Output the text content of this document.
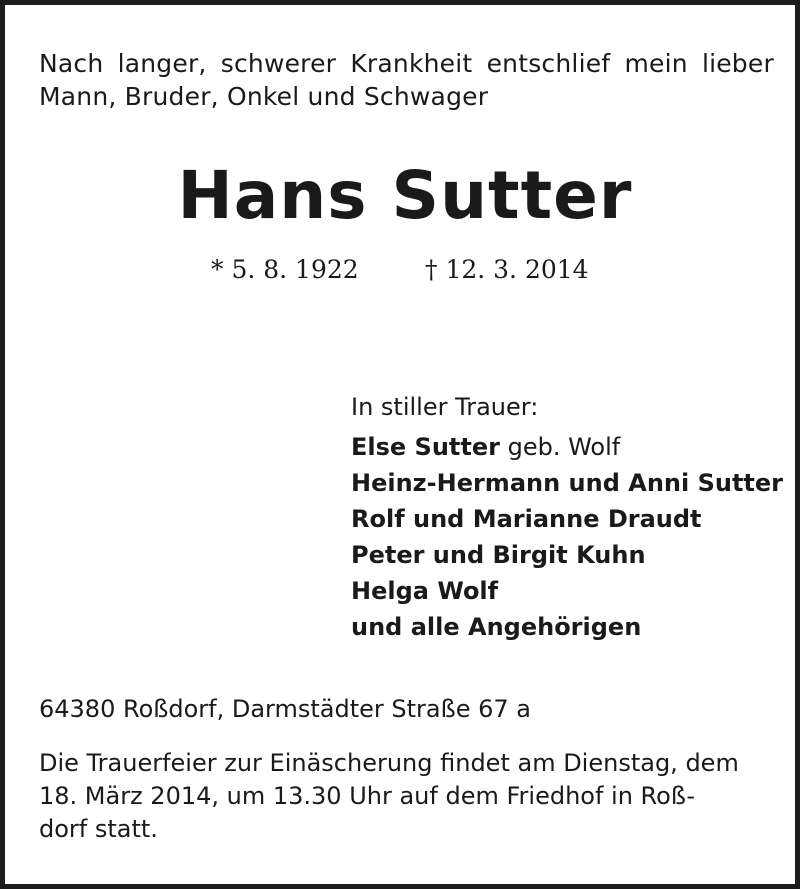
Nach langer, schwerer Krankheit entschlief mein lieber
Mann, Bruder, Onkel und Schwager
Hans Sutter
* 5. 8. 1922	† 12. 3. 2014
In stiller Trauer:
Else Sutter geb. Wolf
Heinz-Hermann und Anni Sutter
Rolf und Marianne Draudt
Peter und Birgit Kuhn
Helga Wolf
und alle Angehörigen
64380 Roßdorf, Darmstädter Straße 67 a
Die Trauerfeier zur Einäscherung findet am Dienstag, dem
18. März 2014, um 13.30 Uhr auf dem Friedhof in Roß-
dorf statt.
